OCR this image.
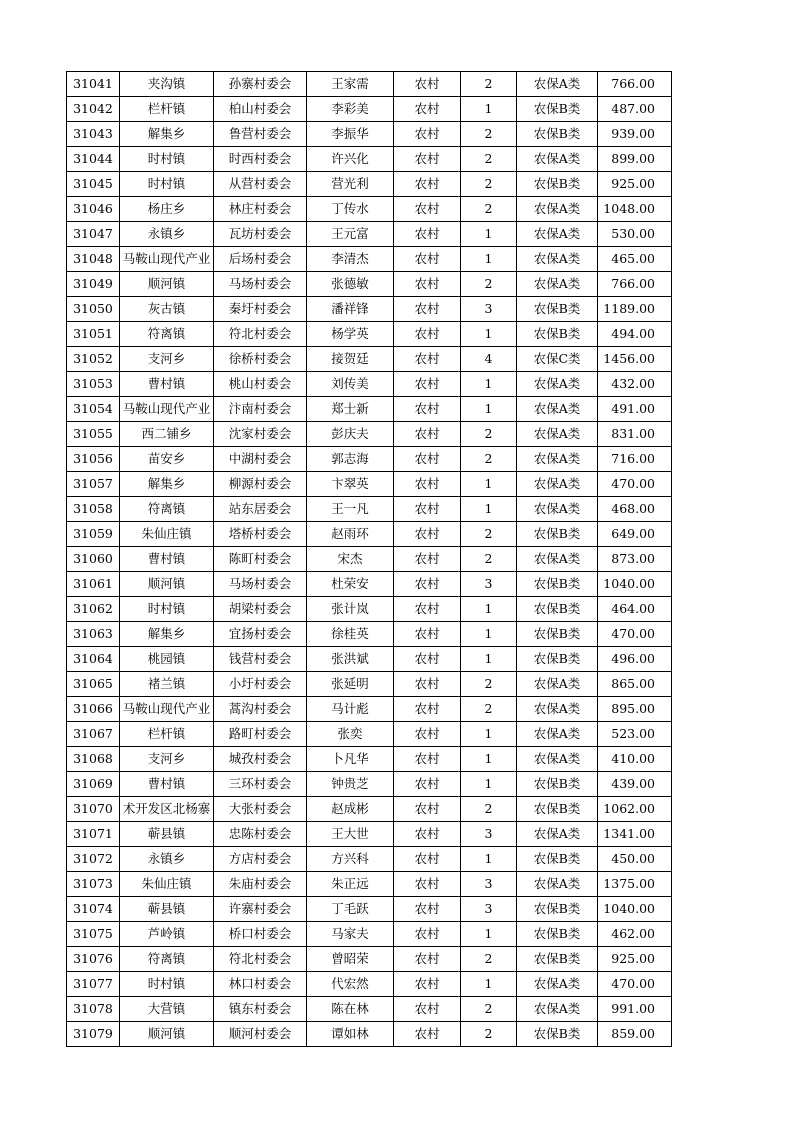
31041	夹沟镇	孙寨村委会	王家需	农村	2	农保A类	766.00
31042	栏杆镇	柏山村委会	李彩美	农村	1	农保B类	487.00
31043	解集乡	鲁营村委会	李振华	农村	2	农保B类	939.00
31044	时村镇	时西村委会	许兴化	农村	2	农保A类	899.00
31045	时村镇	从营村委会	营光利	农村	2	农保B类	925.00
31046	杨庄乡	林庄村委会	丁传水	农村	2	农保A类	1048.00
31047	永镇乡	瓦坊村委会	王元富	农村	1	农保A类	530.00
31048	马鞍山现代产业	后场村委会	李清杰	农村	1	农保A类	465.00
31049	顺河镇	马场村委会	张德敏	农村	2	农保A类	766.00
31050	灰古镇	秦圩村委会	潘祥锋	农村	3	农保B类	1189.00
31051	符离镇	符北村委会	杨学英	农村	1	农保B类	494.00
31052	支河乡	徐桥村委会	接贺廷	农村	4	农保C类	1456.00
31053	曹村镇	桃山村委会	刘传美	农村	1	农保A类	432.00
31054	马鞍山现代产业	汴南村委会	郑士新	农村	1	农保A类	491.00
31055	西二铺乡	沈家村委会	彭庆夫	农村	2	农保A类	831.00
31056	苗安乡	中湖村委会	郭志海	农村	2	农保A类	716.00
31057	解集乡	柳源村委会	卞翠英	农村	1	农保A类	470.00
31058	符离镇	站东居委会	王一凡	农村	1	农保A类	468.00
31059	朱仙庄镇	塔桥村委会	赵雨环	农村	2	农保B类	649.00
31060	曹村镇	陈町村委会	宋杰	农村	2	农保A类	873.00
31061	顺河镇	马场村委会	杜荣安	农村	3	农保B类	1040.00
31062	时村镇	胡梁村委会	张计岚	农村	1	农保B类	464.00
31063	解集乡	宜扬村委会	徐桂英	农村	1	农保B类	470.00
31064	桃园镇	钱营村委会	张洪斌	农村	1	农保B类	496.00
31065	褚兰镇	小圩村委会	张延明	农村	2	农保A类	865.00
31066	马鞍山现代产业	蒿沟村委会	马计彪	农村	2	农保A类	895.00
31067	栏杆镇	路町村委会	张奕	农村	1	农保A类	523.00
31068	支河乡	城孜村委会	卜凡华	农村	1	农保A类	410.00
31069	曹村镇	三环村委会	钟贵芝	农村	1	农保B类	439.00
31070	术开发区北杨寨	大张村委会	赵成彬	农村	2	农保B类	1062.00
31071	蕲县镇	忠陈村委会	王大世	农村	3	农保A类	1341.00
31072	永镇乡	方店村委会	方兴科	农村	1	农保B类	450.00
31073	朱仙庄镇	朱庙村委会	朱正远	农村	3	农保A类	1375.00
31074	蕲县镇	许寨村委会	丁毛跃	农村	3	农保B类	1040.00
31075	芦岭镇	桥口村委会	马家夫	农村	1	农保B类	462.00
31076	符离镇	符北村委会	曾昭荣	农村	2	农保B类	925.00
31077	时村镇	林口村委会	代宏然	农村	1	农保A类	470.00
31078	大营镇	镇东村委会	陈在林	农村	2	农保A类	991.00
31079	顺河镇	顺河村委会	谭如林	农村	2	农保B类	859.00
